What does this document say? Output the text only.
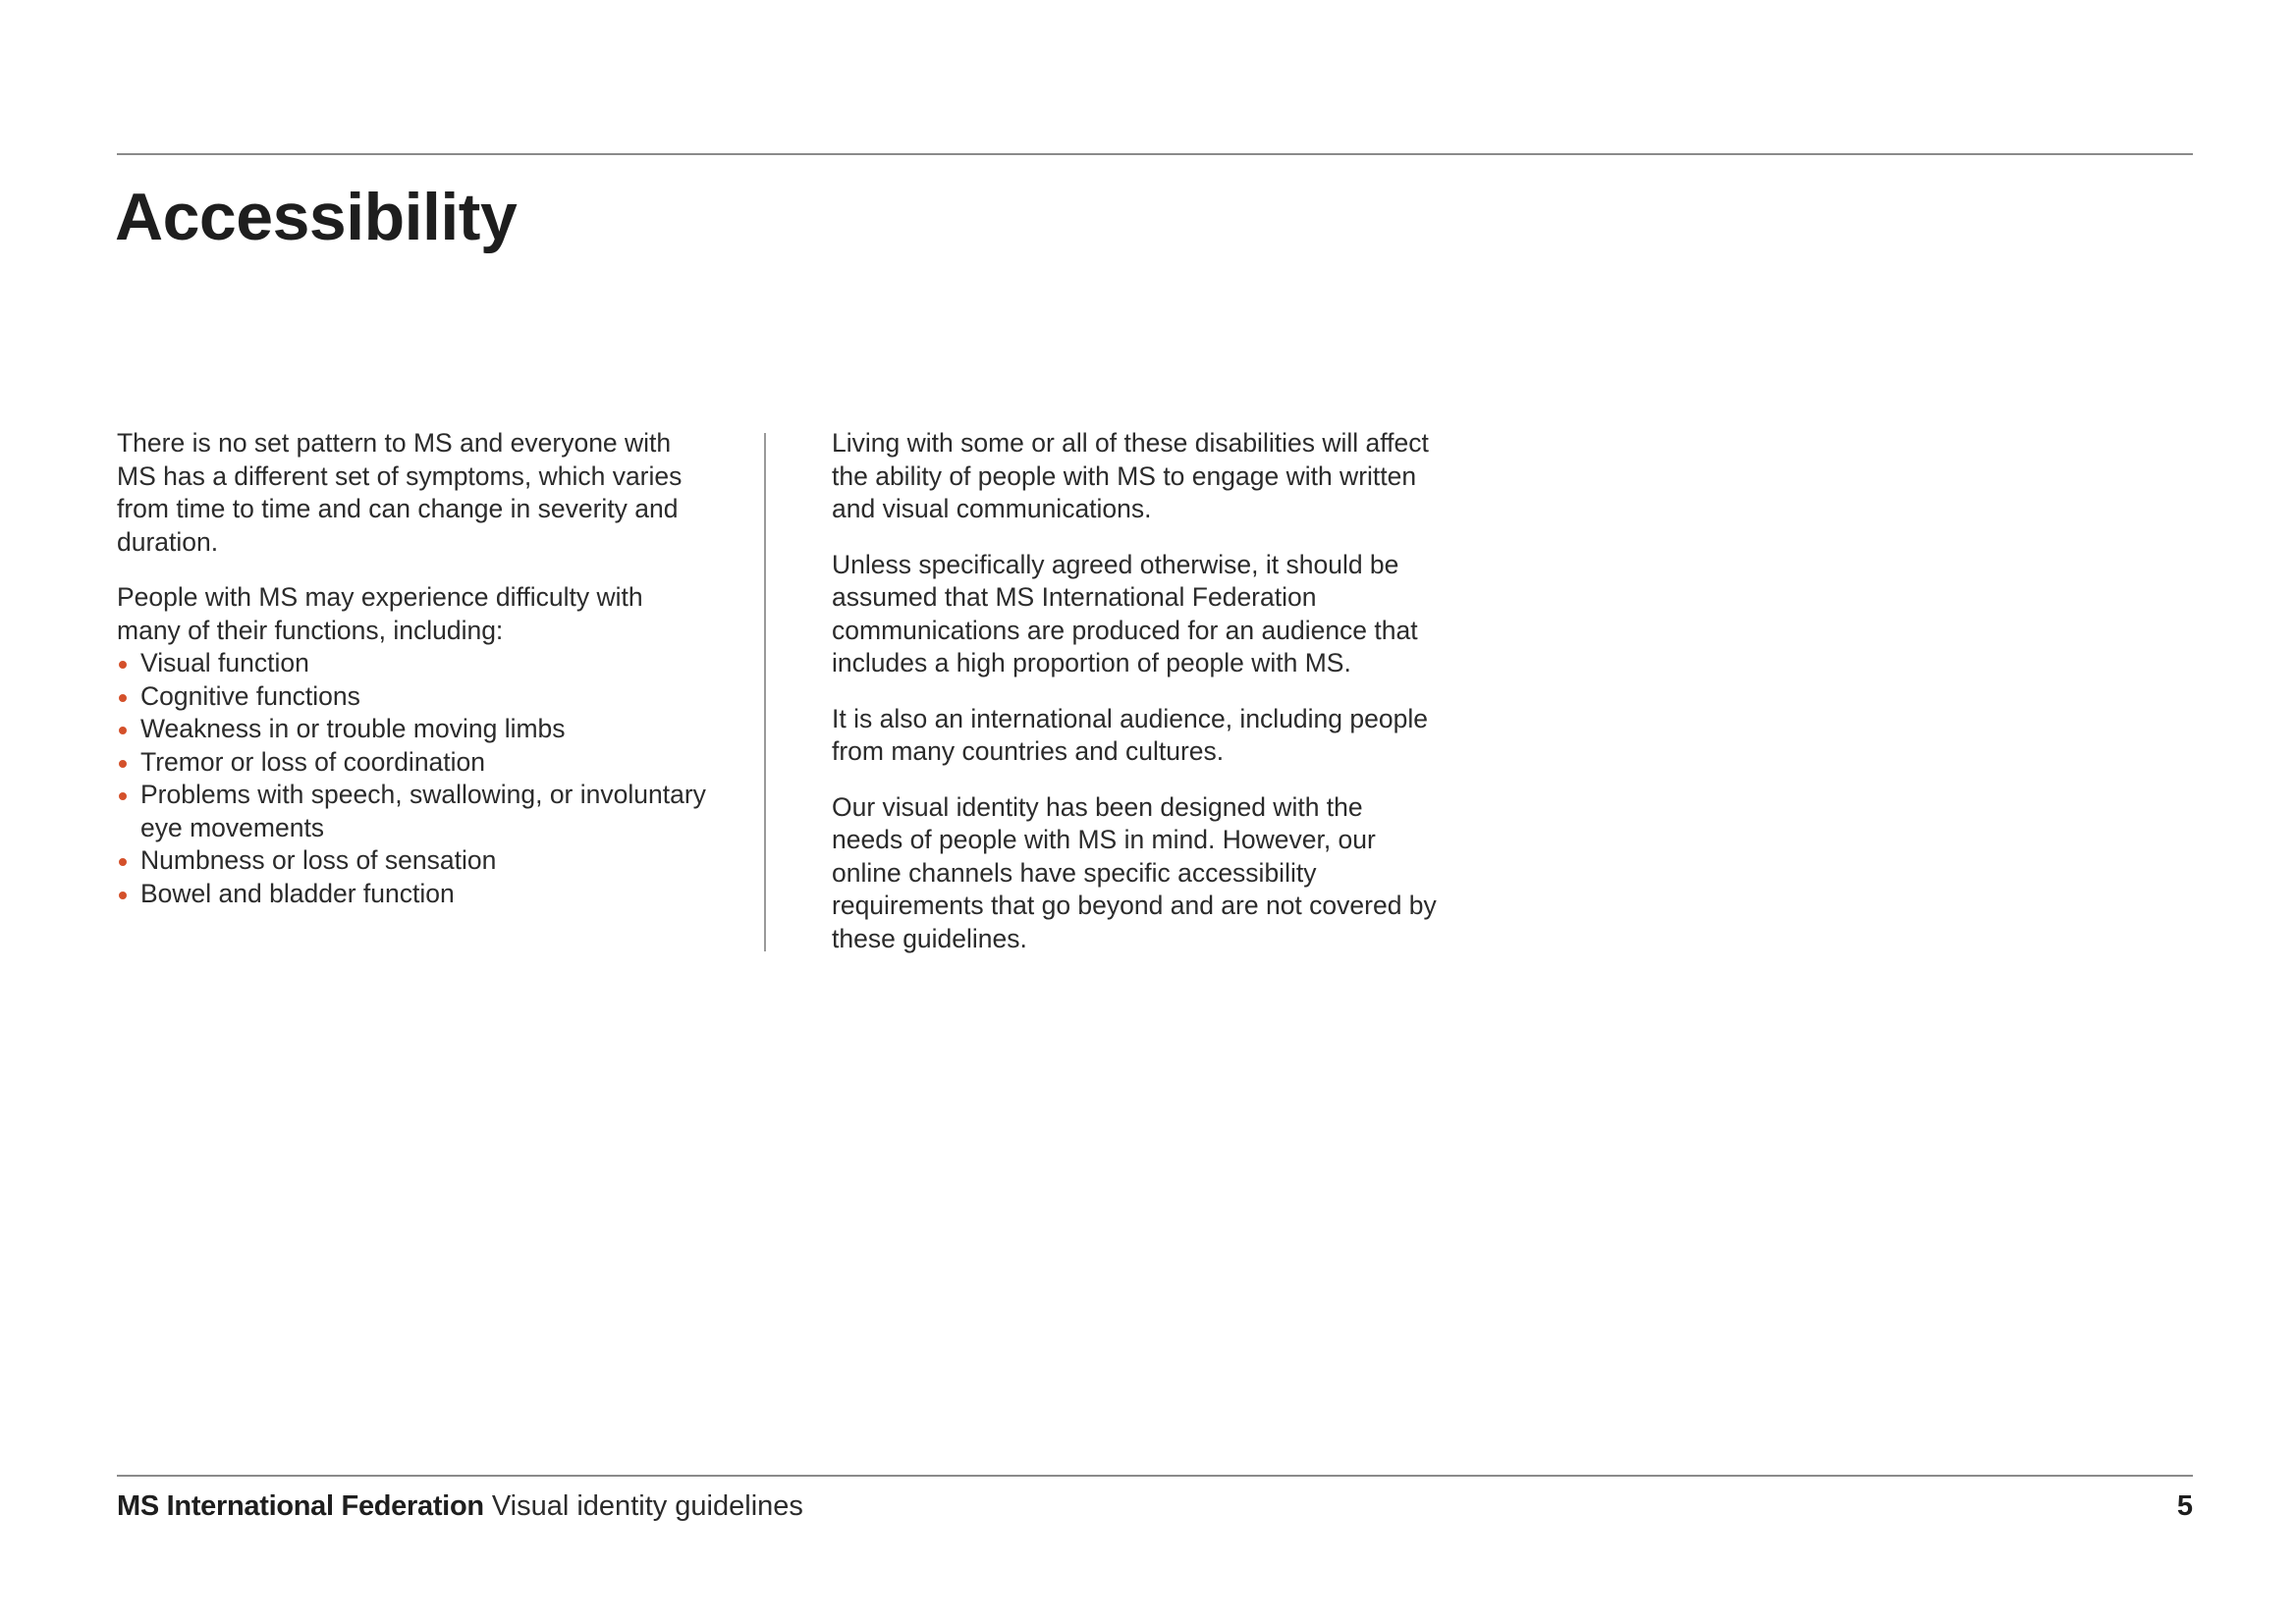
Accessibility

There is no set pattern to MS and everyone with MS has a different set of symptoms, which varies from time to time and can change in severity and duration.

People with MS may experience difficulty with many of their functions, including:

Visual function
Cognitive functions
Weakness in or trouble moving limbs
Tremor or loss of coordination
Problems with speech, swallowing, or involuntary eye movements
Numbness or loss of sensation
Bowel and bladder function

Living with some or all of these disabilities will affect the ability of people with MS to engage with written and visual communications.

Unless specifically agreed otherwise, it should be assumed that MS International Federation communications are produced for an audience that includes a high proportion of people with MS.

It is also an international audience, including people from many countries and cultures.

Our visual identity has been designed with the needs of people with MS in mind. However, our online channels have specific accessibility requirements that go beyond and are not covered by these guidelines.

MS International Federation Visual identity guidelines	5
